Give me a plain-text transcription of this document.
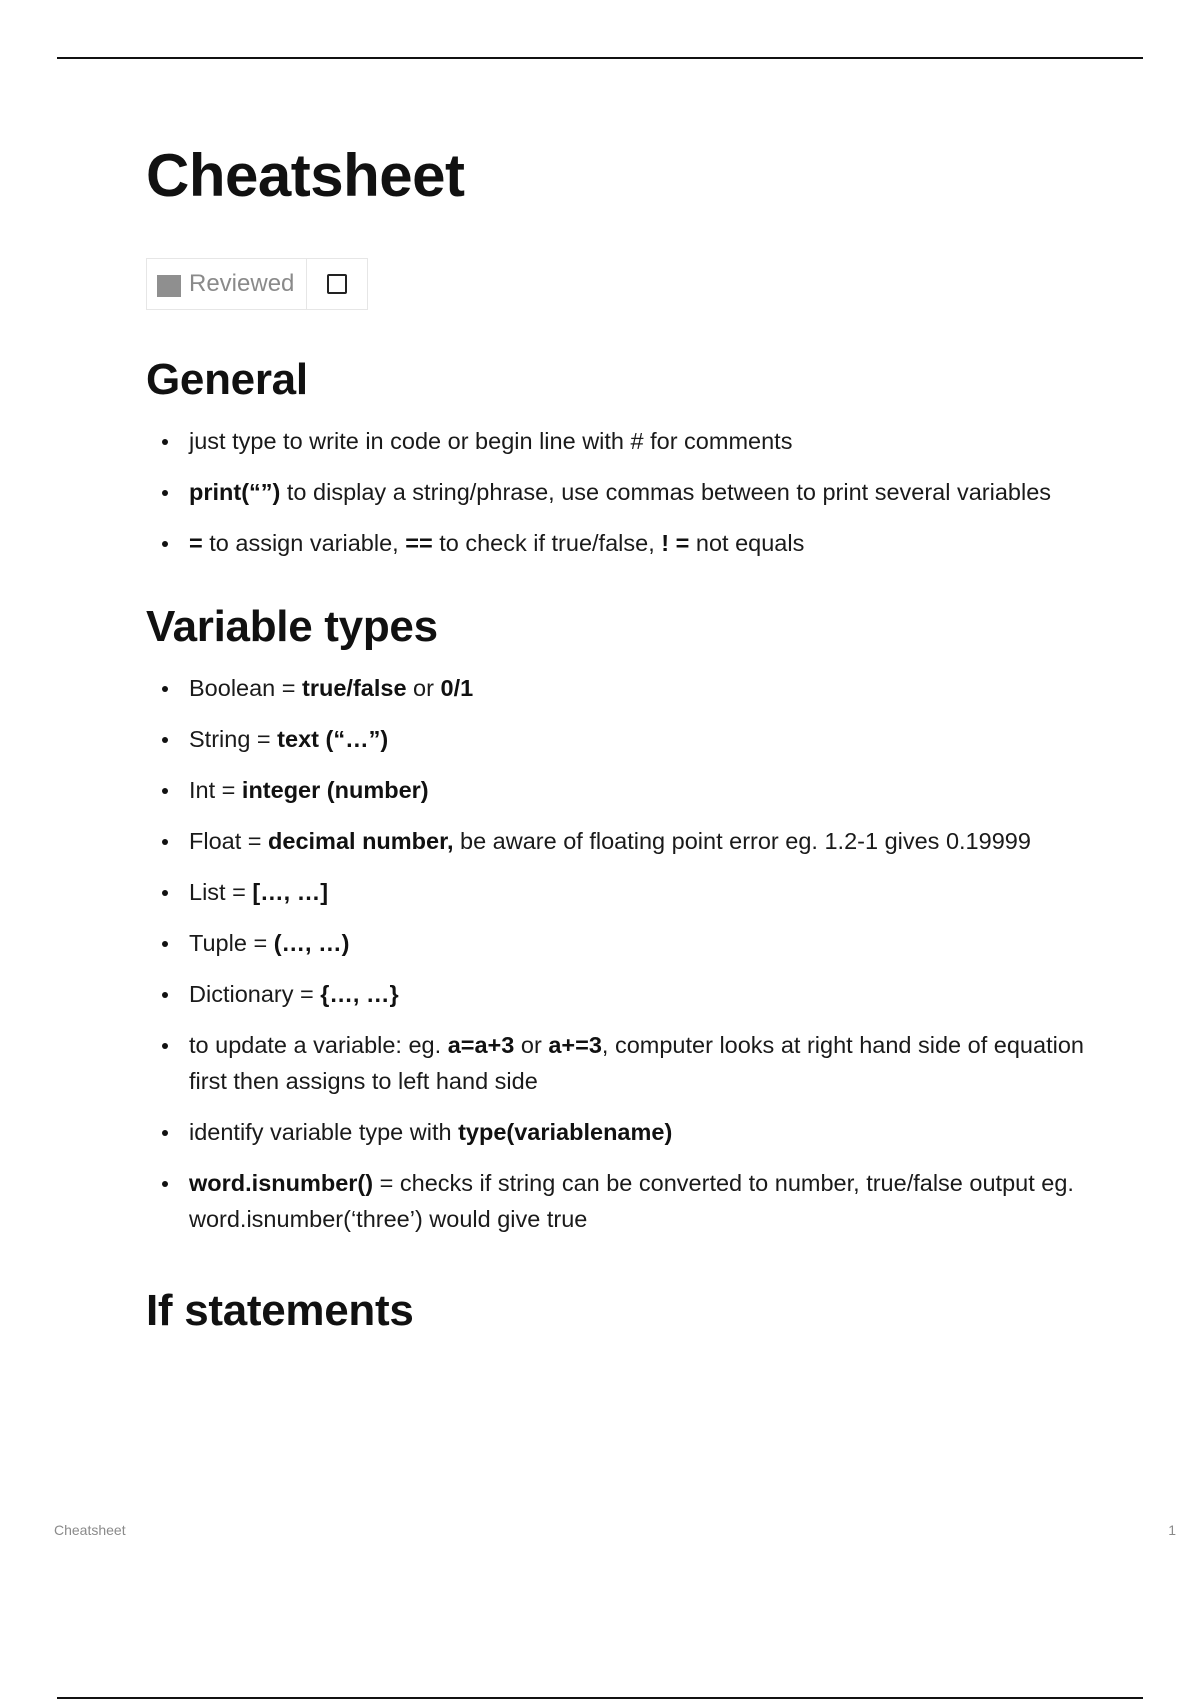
Cheatsheet
Reviewed
General
just type to write in code or begin line with # for comments
print(“”) to display a string/phrase, use commas between to print several variables
= to assign variable, == to check if true/false, ! = not equals
Variable types
Boolean = true/false or 0/1
String = text (“…”)
Int = integer (number)
Float = decimal number, be aware of floating point error eg. 1.2-1 gives 0.19999
List = […, …]
Tuple = (…, …)
Dictionary = {…, …}
to update a variable: eg. a=a+3 or a+=3, computer looks at right hand side of equation first then assigns to left hand side
identify variable type with type(variablename)
word.isnumber() = checks if string can be converted to number, true/false output eg. word.isnumber(‘three’) would give true
If statements
Cheatsheet	1
